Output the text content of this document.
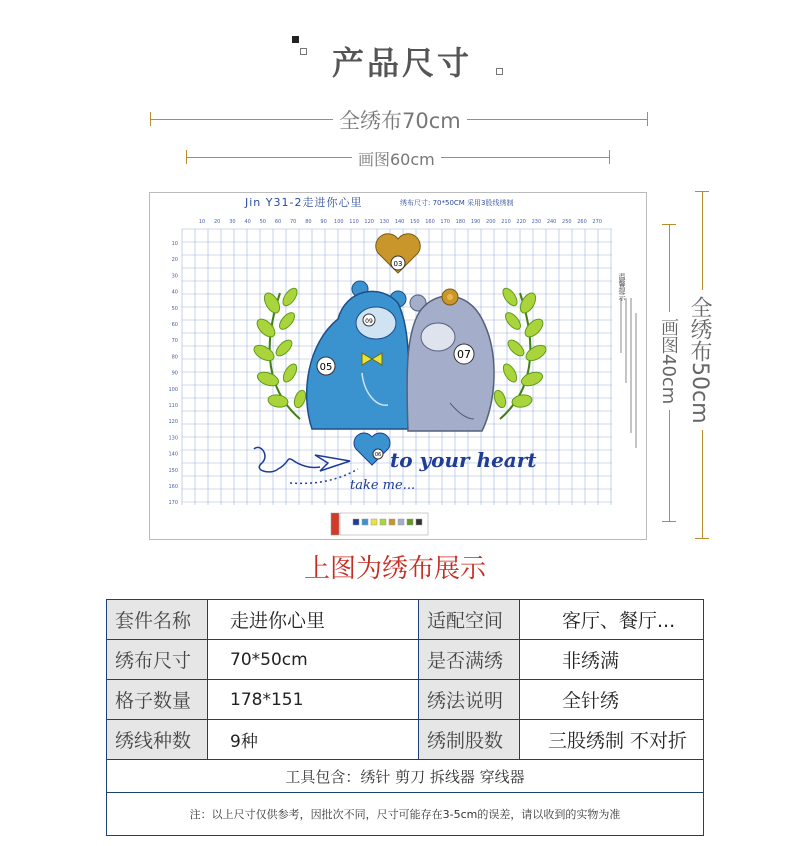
产品尺寸
全绣布70cm
画图60cm
画图40cm 全绣布50cm
Jin Y31-2走进你心里	绣布尺寸: 70*50CM 采用3股线绣制
10 20 30 40 50 60 70 80 90 100 110 120 130 140 150 160 170 180 190 200 210 220 230 240 250 260 270
10
20
30
40
50
60
70
80
90
100
110
120
130
140
150
160
170
温馨提示
03
09
05
07
06 to your heart
take me...
上图为绣布展示
套件名称	走进你心里	适配空间	客厅、餐厅...
绣布尺寸	70*50cm	是否满绣	非绣满
格子数量	178*151	绣法说明	全针绣
绣线种数	9种	绣制股数	三股绣制 不对折
工具包含：绣针 剪刀 拆线器 穿线器			
注：以上尺寸仅供参考，因批次不同，尺寸可能存在3-5cm的误差，请以收到的实物为准			
